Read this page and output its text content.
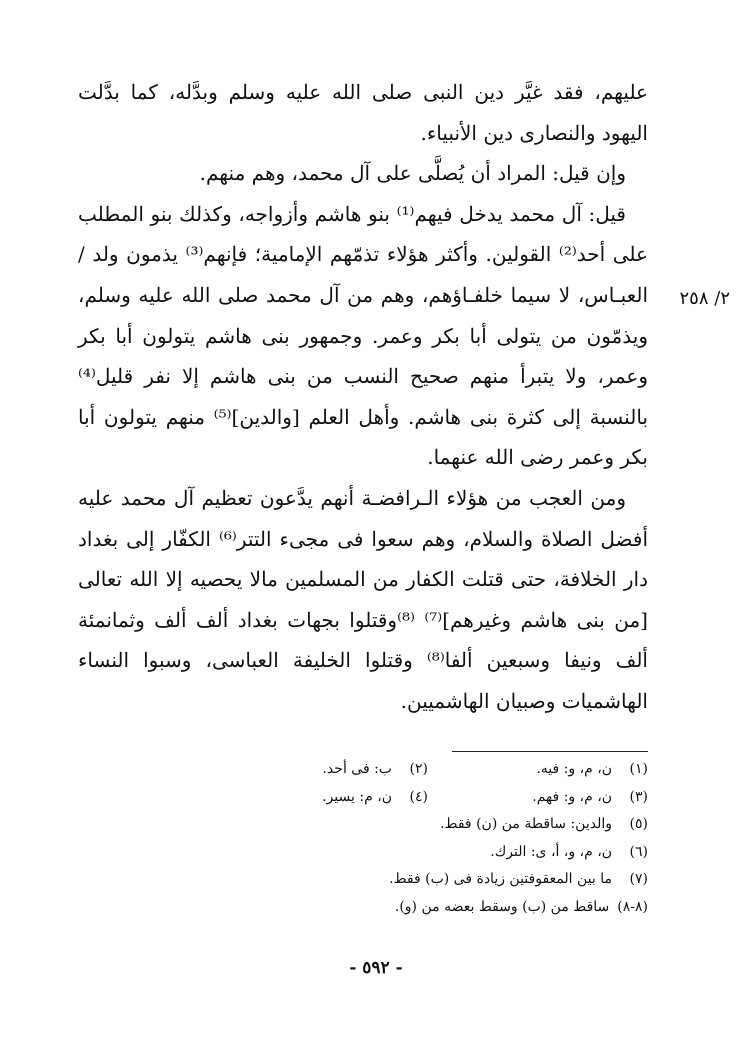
٢/ ٢٥٨

عليهم، فقد غيَّر دين النبى صلى الله عليه وسلم وبدَّله، كما بدَّلت اليهود والنصارى دين الأنبياء.

وإن قيل: المراد أن يُصلَّى على آل محمد، وهم منهم.

قيل: آل محمد يدخل فيهم⁽¹⁾ بنو هاشم وأزواجه، وكذلك بنو المطلب على أحد⁽²⁾ القولين. وأكثر هؤلاء تذمّهم الإمامية؛ فإنهم⁽³⁾ يذمون ولد / العبـاس، لا سيما خلفـاؤهم، وهم من آل محمد صلى الله عليه وسلم، ويذمّون من يتولى أبا بكر وعمر. وجمهور بنى هاشم يتولون أبا بكر وعمر، ولا يتبرأ منهم صحيح النسب من بنى هاشم إلا نفر قليل⁽⁴⁾ بالنسبة إلى كثرة بنى هاشم. وأهل العلم [والدين]⁽⁵⁾ منهم يتولون أبا بكر وعمر رضى الله عنهما.

ومن العجب من هؤلاء الـرافضـة أنهم يدَّعون تعظيم آل محمد عليه أفضل الصلاة والسلام، وهم سعوا فى مجىء التتر⁽⁶⁾ الكفّار إلى بغداد دار الخلافة، حتى قتلت الكفار من المسلمين مالا يحصيه إلا الله تعالى [من بنى هاشم وغيرهم]⁽⁷⁾ ⁽⁸⁾وقتلوا بجهات بغداد ألف ألف وثمانمئة ألف ونيفا وسبعين ألفا⁽⁸⁾ وقتلوا الخليفة العباسى، وسبوا النساء الهاشميات وصبيان الهاشميين.

(١)ن، م، و: فيه.
(٢)ب: فى أحد.
(٣)ن، م، و: فهم.
(٤)ن، م: يسير.
(٥)والدين: ساقطة من (ن) فقط.
(٦)ن، م، و، أ، ى: الترك.
(٧)ما بين المعقوفتين زيادة فى (ب) فقط.
(٨-٨)ساقط من (ب) وسقط بعضه من (و).
- ٥٩٢ -
